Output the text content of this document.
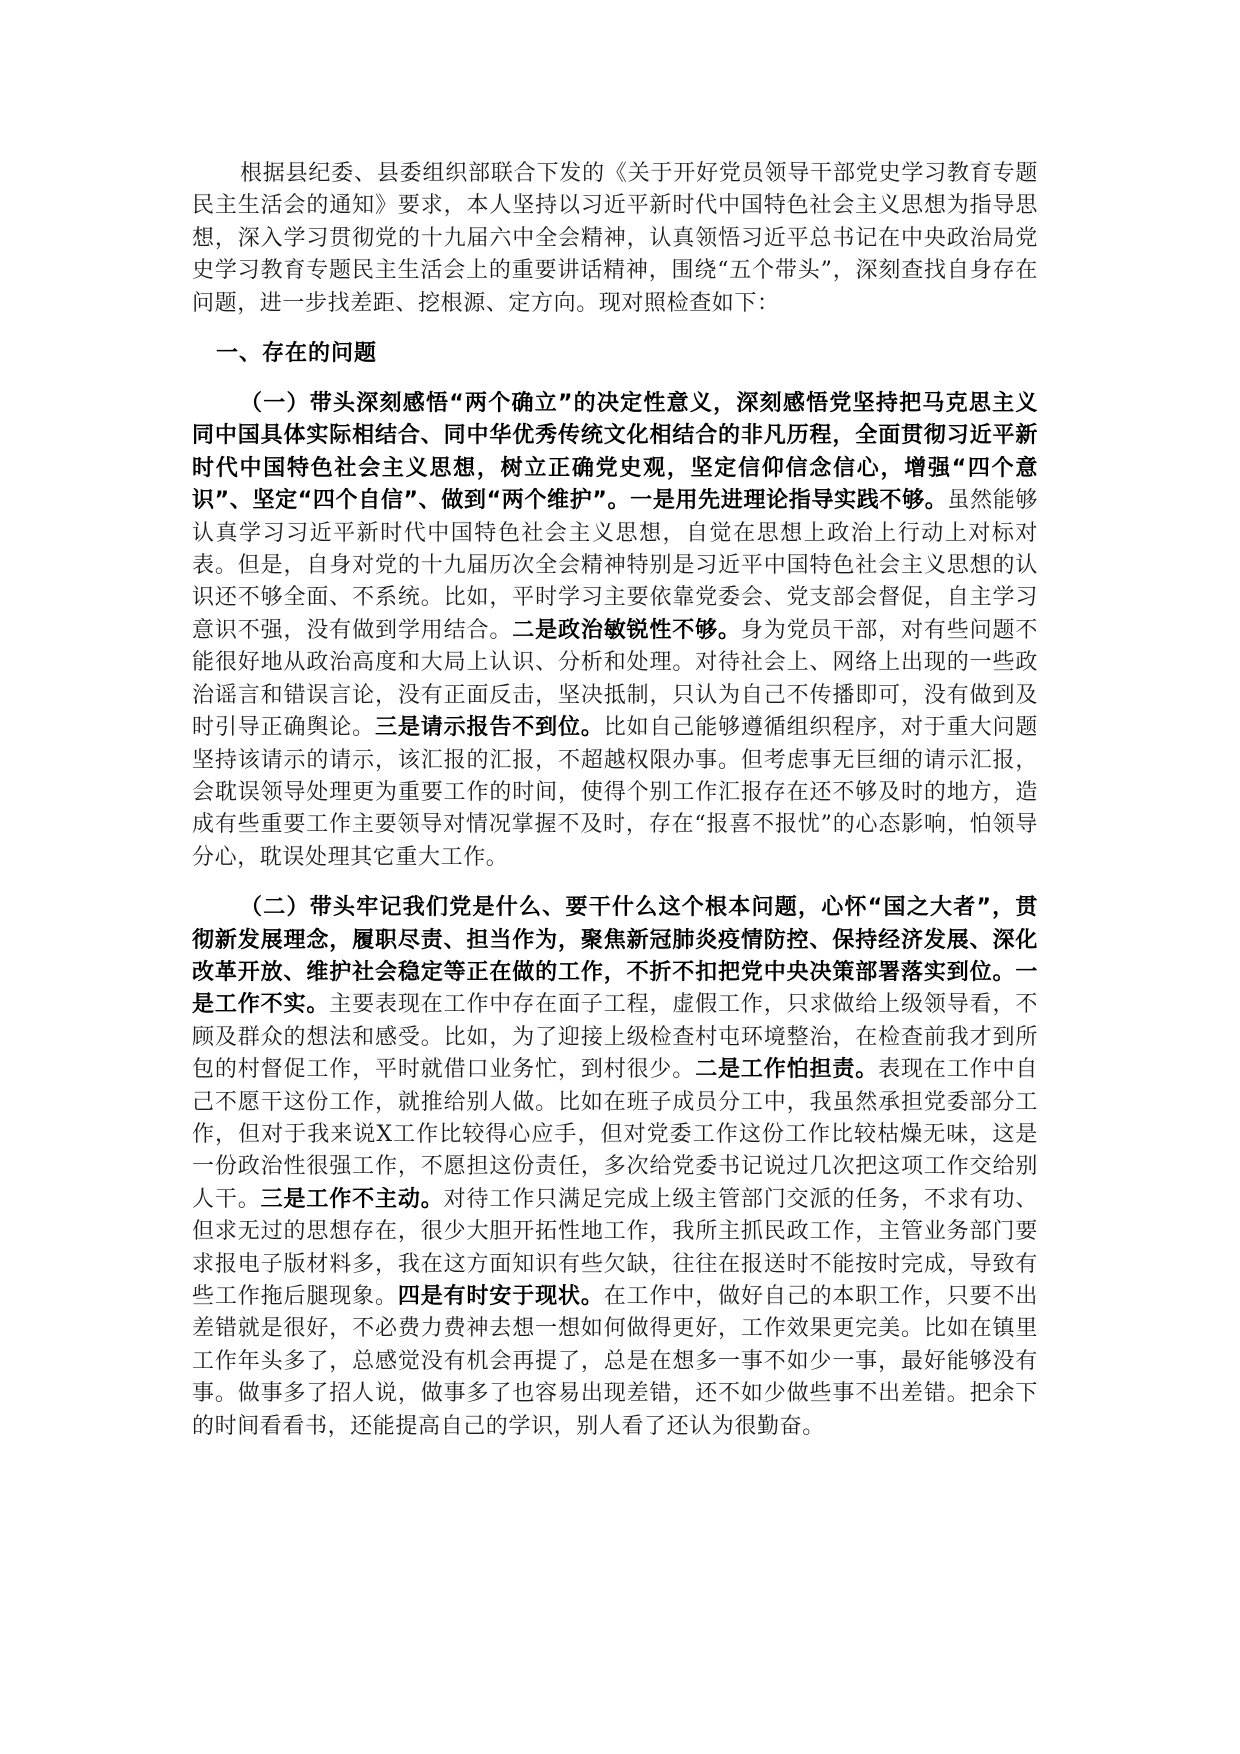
根据县纪委、县委组织部联合下发的《关于开好党员领导干部党史学习教育专题民主生活会的通知》要求，本人坚持以习近平新时代中国特色社会主义思想为指导思想，深入学习贯彻党的十九届六中全会精神，认真领悟习近平总书记在中央政治局党史学习教育专题民主生活会上的重要讲话精神，围绕“五个带头”，深刻查找自身存在问题，进一步找差距、挖根源、定方向。现对照检查如下：

一、存在的问题

（一）带头深刻感悟“两个确立”的决定性意义，深刻感悟党坚持把马克思主义同中国具体实际相结合、同中华优秀传统文化相结合的非凡历程，全面贯彻习近平新时代中国特色社会主义思想，树立正确党史观，坚定信仰信念信心，增强“四个意识”、坚定“四个自信”、做到“两个维护”。一是用先进理论指导实践不够。虽然能够认真学习习近平新时代中国特色社会主义思想，自觉在思想上政治上行动上对标对表。但是，自身对党的十九届历次全会精神特别是习近平中国特色社会主义思想的认识还不够全面、不系统。比如，平时学习主要依靠党委会、党支部会督促，自主学习意识不强，没有做到学用结合。二是政治敏锐性不够。身为党员干部，对有些问题不能很好地从政治高度和大局上认识、分析和处理。对待社会上、网络上出现的一些政治谣言和错误言论，没有正面反击，坚决抵制，只认为自己不传播即可，没有做到及时引导正确舆论。三是请示报告不到位。比如自己能够遵循组织程序，对于重大问题坚持该请示的请示，该汇报的汇报，不超越权限办事。但考虑事无巨细的请示汇报，会耽误领导处理更为重要工作的时间，使得个别工作汇报存在还不够及时的地方，造成有些重要工作主要领导对情况掌握不及时，存在“报喜不报忧”的心态影响，怕领导分心，耽误处理其它重大工作。

（二）带头牢记我们党是什么、要干什么这个根本问题，心怀“国之大者”，贯彻新发展理念，履职尽责、担当作为，聚焦新冠肺炎疫情防控、保持经济发展、深化改革开放、维护社会稳定等正在做的工作，不折不扣把党中央决策部署落实到位。一是工作不实。主要表现在工作中存在面子工程，虚假工作，只求做给上级领导看，不顾及群众的想法和感受。比如，为了迎接上级检查村屯环境整治，在检查前我才到所包的村督促工作，平时就借口业务忙，到村很少。二是工作怕担责。表现在工作中自己不愿干这份工作，就推给别人做。比如在班子成员分工中，我虽然承担党委部分工作，但对于我来说X工作比较得心应手，但对党委工作这份工作比较枯燥无味，这是一份政治性很强工作，不愿担这份责任，多次给党委书记说过几次把这项工作交给别人干。三是工作不主动。对待工作只满足完成上级主管部门交派的任务，不求有功、但求无过的思想存在，很少大胆开拓性地工作，我所主抓民政工作，主管业务部门要求报电子版材料多，我在这方面知识有些欠缺，往往在报送时不能按时完成，导致有些工作拖后腿现象。四是有时安于现状。在工作中，做好自己的本职工作，只要不出差错就是很好，不必费力费神去想一想如何做得更好，工作效果更完美。比如在镇里工作年头多了，总感觉没有机会再提了，总是在想多一事不如少一事，最好能够没有事。做事多了招人说，做事多了也容易出现差错，还不如少做些事不出差错。把余下的时间看看书，还能提高自己的学识，别人看了还认为很勤奋。
